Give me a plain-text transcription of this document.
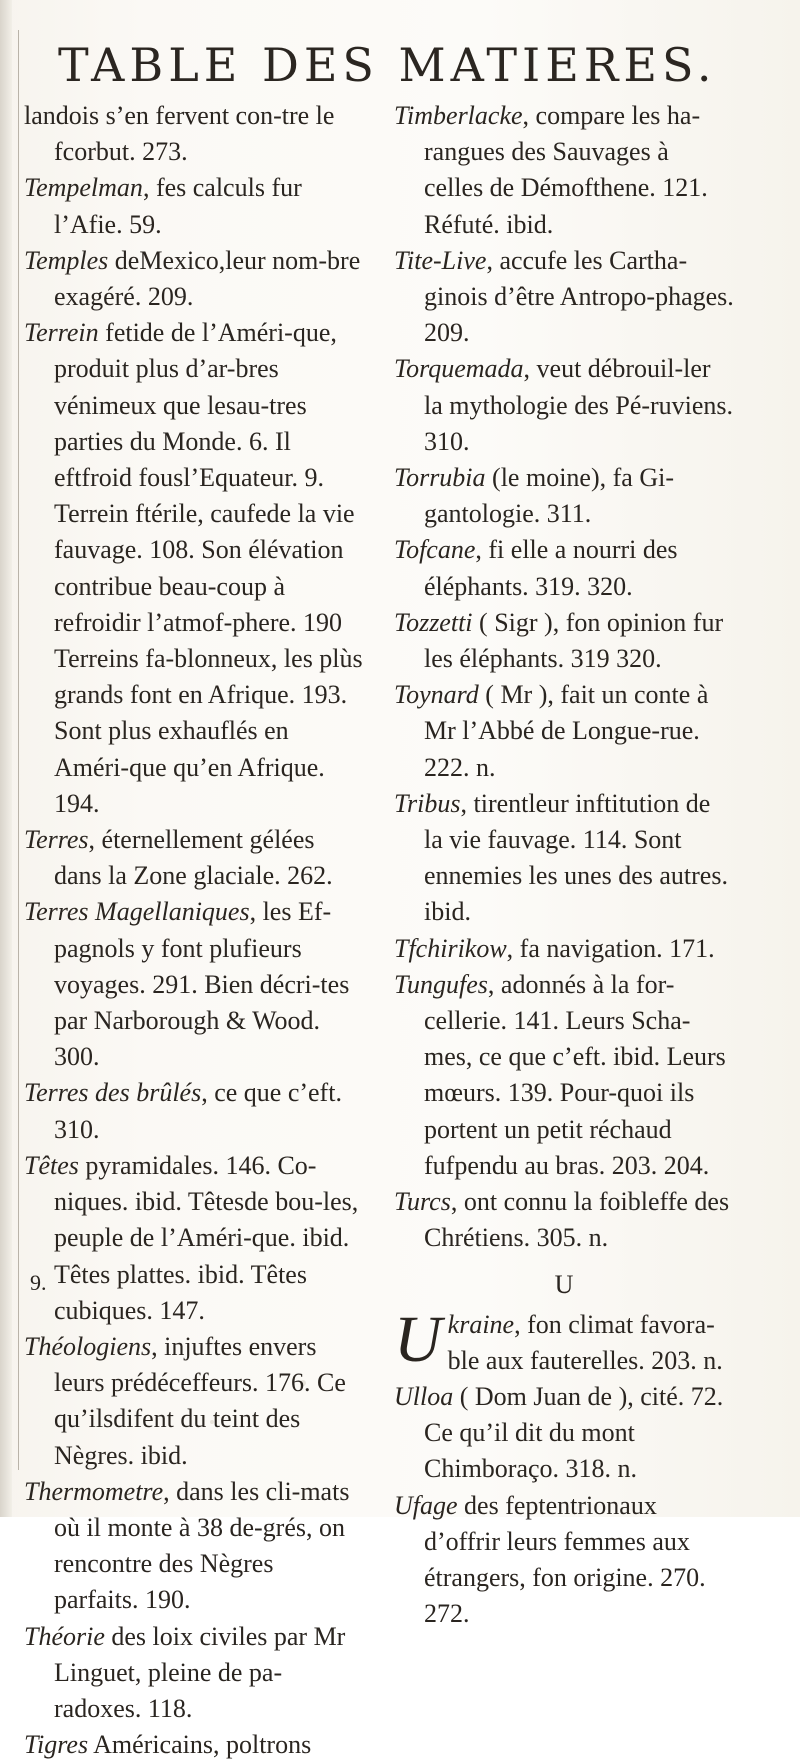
TABLE DES MATIERES.

landois s’en fervent con-tre le fcorbut. 273.

Tempelman, fes calculs fur l’Afie. 59.

Temples deMexico,leur nom-bre exagéré. 209.

Terrein fetide de l’Améri-que, produit plus d’ar-bres vénimeux que lesau-tres parties du Monde. 6. Il eftfroid fousl’Equateur. 9. Terrein ftérile, caufede la vie fauvage. 108. Son élévation contribue beau-coup à refroidir l’atmof-phere. 190 Terreins fa-blonneux, les plùs grands font en Afrique. 193. Sont plus exhauflés en Améri-que qu’en Afrique. 194.

Terres, éternellement gélées dans la Zone glaciale. 262.

Terres Magellaniques, les Ef-pagnols y font plufieurs voyages. 291. Bien décri-tes par Narborough & Wood. 300.

Terres des brûlés, ce que c’eft. 310.

Têtes pyramidales. 146. Co-niques. ibid. Têtesde bou-les, peuple de l’Améri-que. ibid. Têtes plattes. ibid. Têtes cubiques. 147.

Théologiens, injuftes envers leurs prédéceffeurs. 176. Ce qu’ilsdifent du teint des Nègres. ibid.

Thermometre, dans les cli-mats où il monte à 38 de-grés, on rencontre des Nègres parfaits. 190.

Théorie des loix civiles par Mr Linguet, pleine de pa-radoxes. 118.

Tigres Américains, poltrons

Timberlacke, compare les ha-rangues des Sauvages à celles de Démofthene. 121. Réfuté. ibid.

Tite-Live, accufe les Cartha-ginois d’être Antropo-phages. 209.

Torquemada, veut débrouil-ler la mythologie des Pé-ruviens. 310.

Torrubia (le moine), fa Gi-gantologie. 311.

Tofcane, fi elle a nourri des éléphants. 319. 320.

Tozzetti ( Sigr ), fon opinion fur les éléphants. 319 320.

Toynard ( Mr ), fait un conte à Mr l’Abbé de Longue-rue. 222. n.

Tribus, tirentleur inftitution de la vie fauvage. 114. Sont ennemies les unes des autres. ibid.

Tfchirikow, fa navigation. 171.

Tungufes, adonnés à la for-cellerie. 141. Leurs Scha-mes, ce que c’eft. ibid. Leurs mœurs. 139. Pour-quoi ils portent un petit réchaud fufpendu au bras. 203. 204.

Turcs, ont connu la foibleffe des Chrétiens. 305. n.

U

Ukraine, fon climat favora-ble aux fauterelles. 203. n.

Ulloa ( Dom Juan de ), cité. 72. Ce qu’il dit du mont Chimboraço. 318. n.

Ufage des feptentrionaux d’offrir leurs femmes aux étrangers, fon origine. 270. 272.

9.
